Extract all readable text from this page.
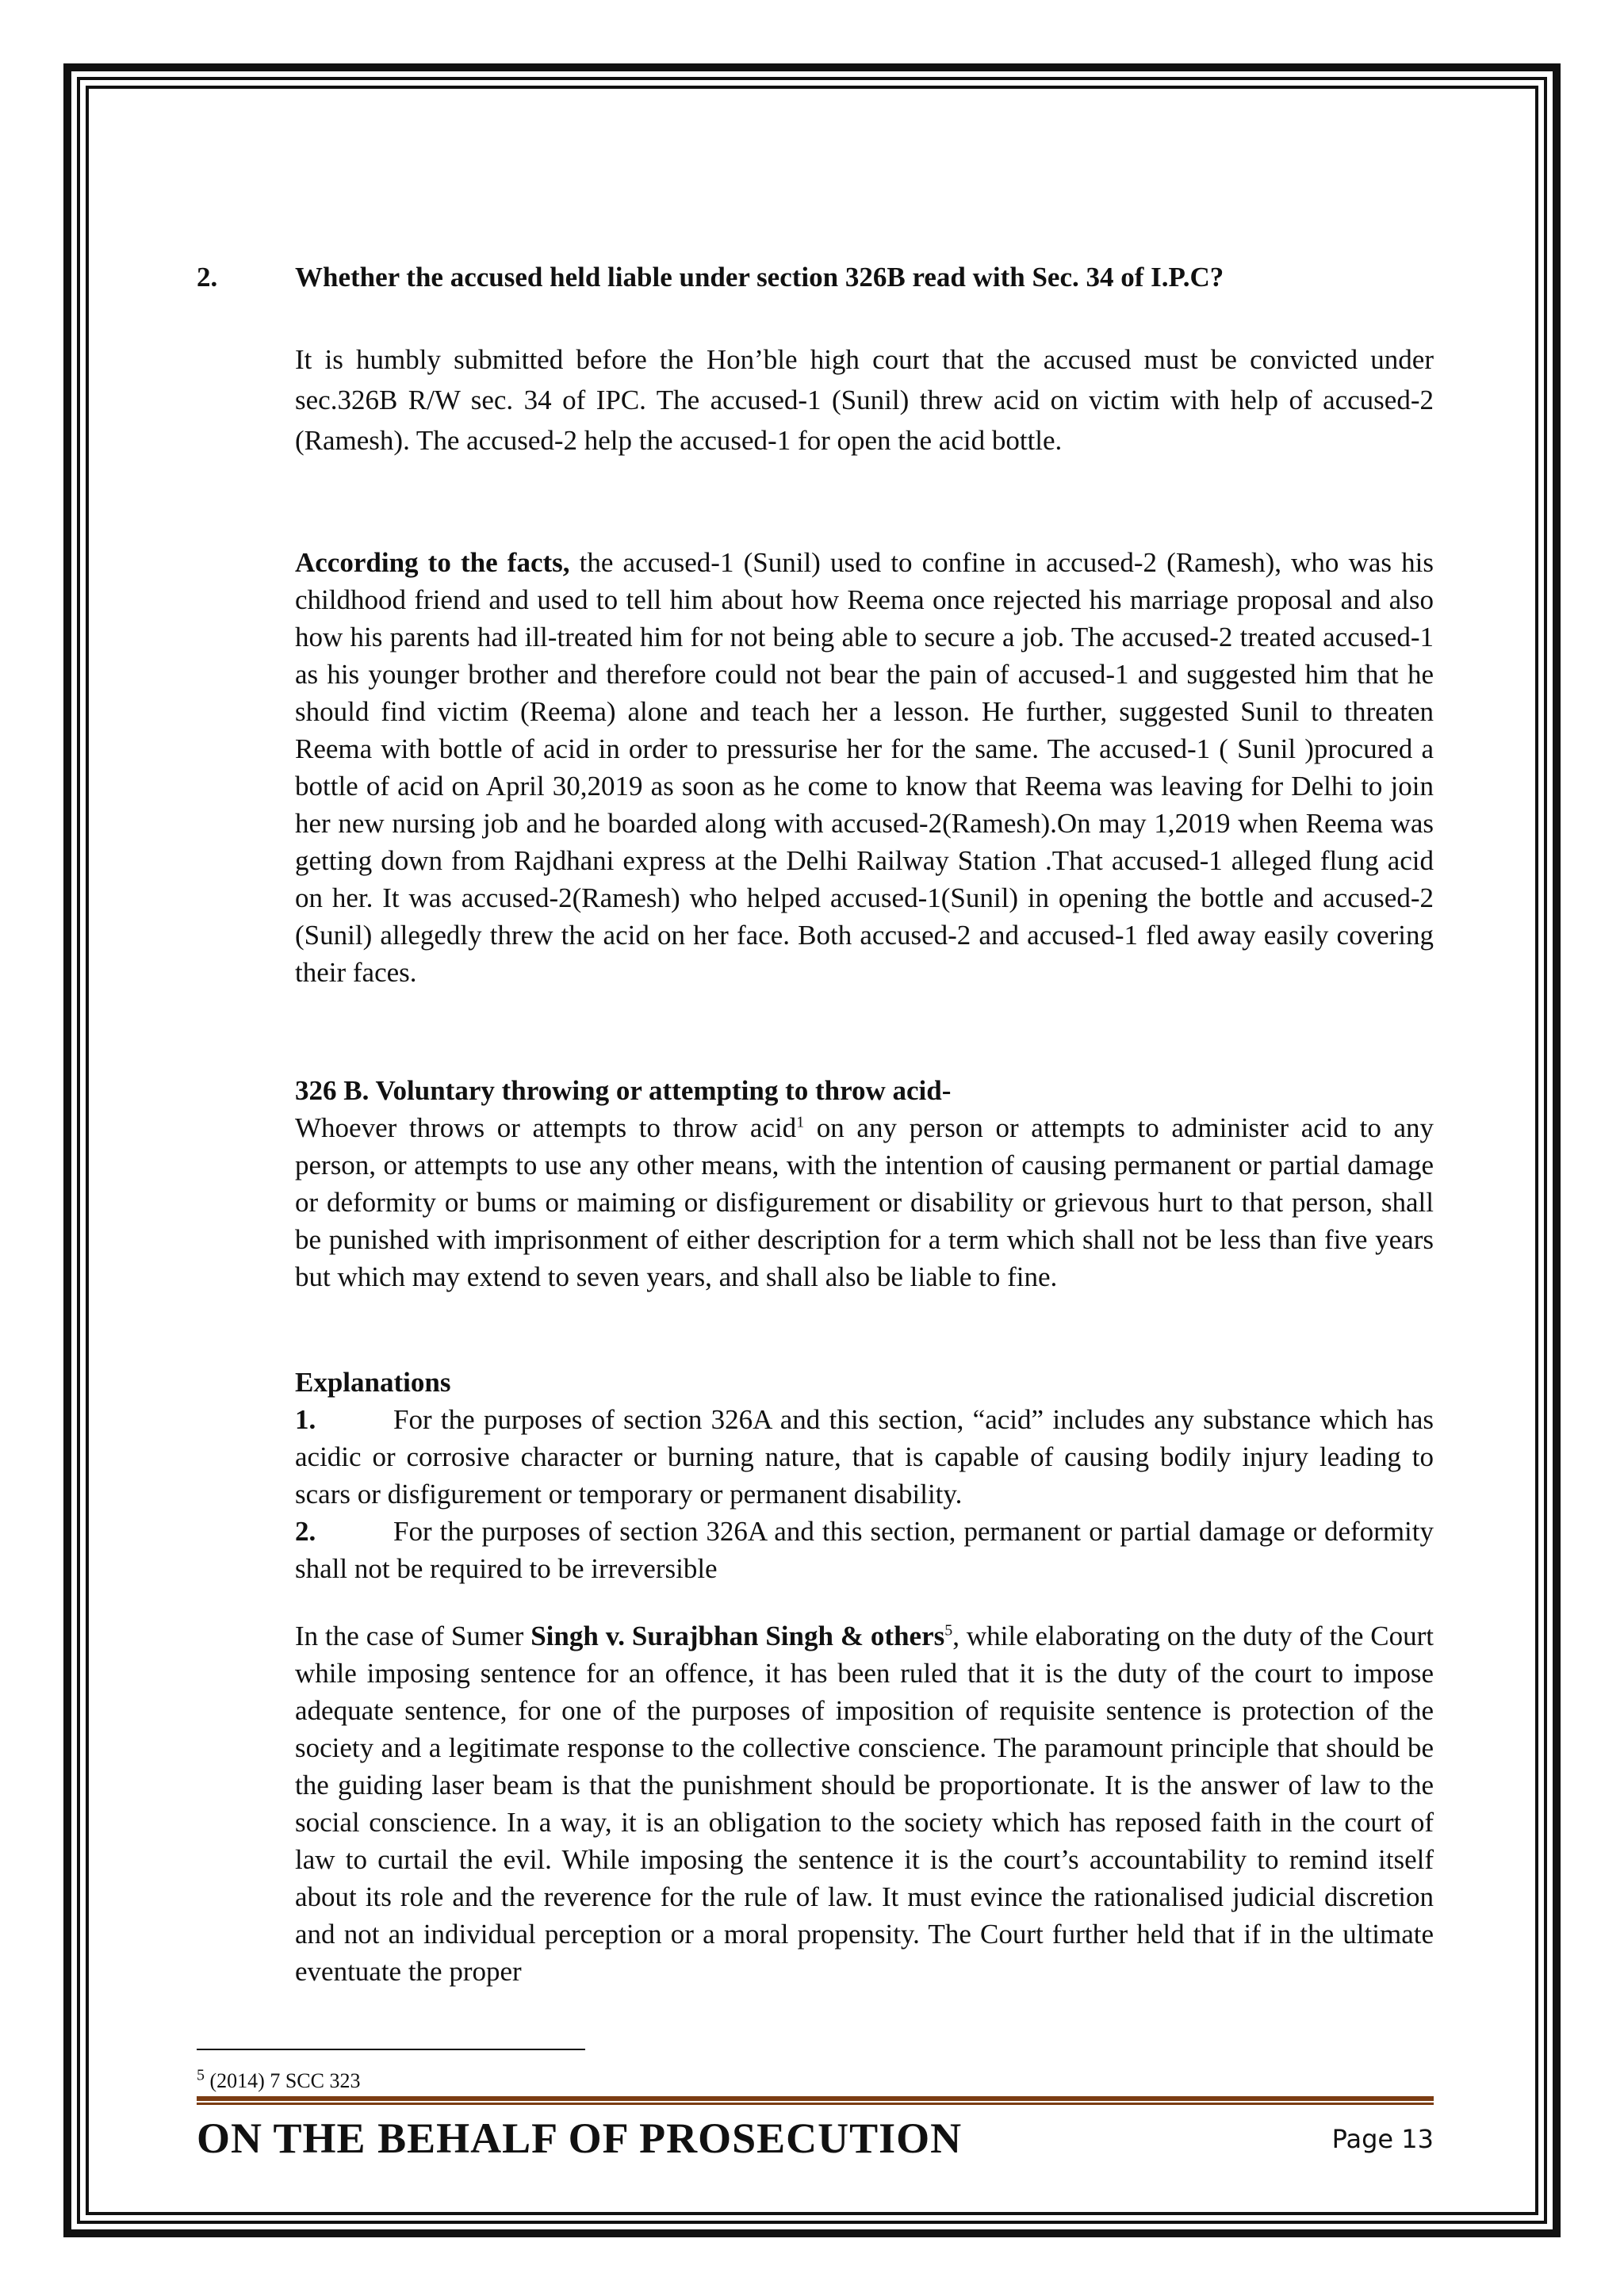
2.	Whether the accused held liable under section 326B read with Sec. 34 of I.P.C?
It is humbly submitted before the Hon’ble high court that the accused must be convicted under sec.326B R/W sec. 34 of IPC. The accused-1 (Sunil) threw acid on victim with help of accused-2 (Ramesh). The accused-2 help the accused-1 for open the acid bottle.
According to the facts, the accused-1 (Sunil) used to confine in accused-2 (Ramesh), who was his childhood friend and used to tell him about how Reema once rejected his marriage proposal and also how his parents had ill-treated him for not being able to secure a job. The accused-2 treated accused-1 as his younger brother and therefore could not bear the pain of accused-1 and suggested him that he should find victim (Reema) alone and teach her a lesson. He further, suggested Sunil to threaten Reema with bottle of acid in order to pressurise her for the same. The accused-1 ( Sunil )procured a bottle of acid on April 30,2019 as soon as he come to know that Reema was leaving for Delhi to join her new nursing job and he boarded along with accused-2(Ramesh).On may 1,2019 when Reema was getting down from Rajdhani express at the Delhi Railway Station .That accused-1 alleged flung acid on her. It was accused-2(Ramesh) who helped accused-1(Sunil) in opening the bottle and accused-2 (Sunil) allegedly threw the acid on her face. Both accused-2 and accused-1 fled away easily covering their faces.
326 B. Voluntary throwing or attempting to throw acid-
Whoever throws or attempts to throw acid$^1$ on any person or attempts to administer acid to any person, or attempts to use any other means, with the intention of causing permanent or partial damage or deformity or bums or maiming or disfigurement or disability or grievous hurt to that person, shall be punished with imprisonment of either description for a term which shall not be less than five years but which may extend to seven years, and shall also be liable to fine.
Explanations
1.	For the purposes of section 326A and this section, “acid” includes any substance which has acidic or corrosive character or burning nature, that is capable of causing bodily injury leading to scars or disfigurement or temporary or permanent disability.
2.	For the purposes of section 326A and this section, permanent or partial damage or deformity shall not be required to be irreversible
In the case of Sumer Singh v. Surajbhan Singh & others$^5$, while elaborating on the duty of the Court while imposing sentence for an offence, it has been ruled that it is the duty of the court to impose adequate sentence, for one of the purposes of imposition of requisite sentence is protection of the society and a legitimate response to the collective conscience. The paramount principle that should be the guiding laser beam is that the punishment should be proportionate. It is the answer of law to the social conscience. In a way, it is an obligation to the society which has reposed faith in the court of law to curtail the evil. While imposing the sentence it is the court’s accountability to remind itself about its role and the reverence for the rule of law. It must evince the rationalised judicial discretion and not an individual perception or a moral propensity. The Court further held that if in the ultimate eventuate the proper
$^5$ (2014) 7 SCC 323
ON THE BEHALF OF PROSECUTION	Page 13
